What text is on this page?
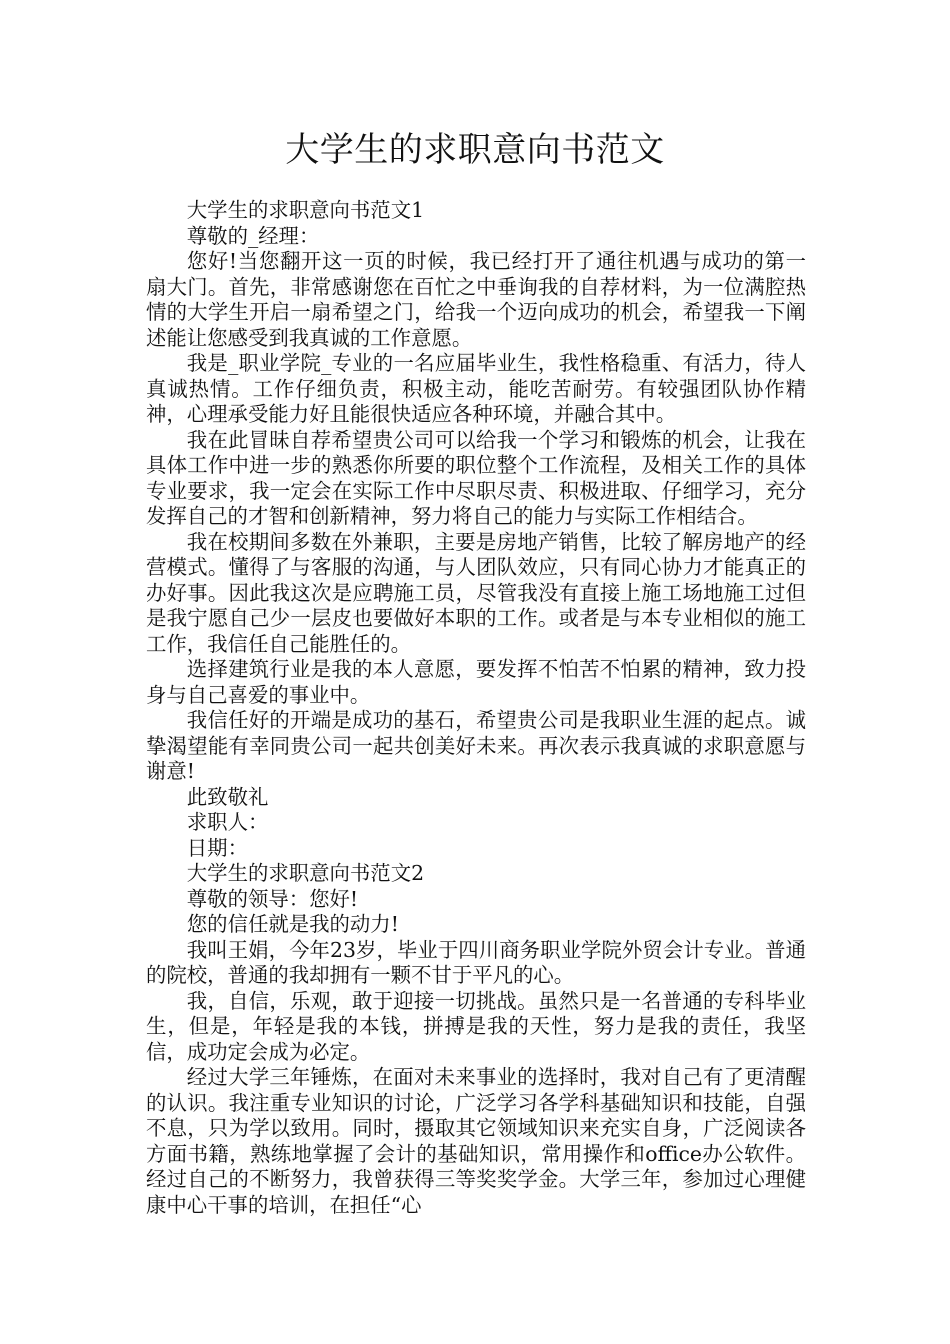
大学生的求职意向书范文

大学生的求职意向书范文1

尊敬的_经理：

您好!当您翻开这一页的时候，我已经打开了通往机遇与成功的第一扇大门。首先，非常感谢您在百忙之中垂询我的自荐材料，为一位满腔热情的大学生开启一扇希望之门，给我一个迈向成功的机会，希望我一下阐述能让您感受到我真诚的工作意愿。

我是_职业学院_专业的一名应届毕业生，我性格稳重、有活力，待人真诚热情。工作仔细负责，积极主动，能吃苦耐劳。有较强团队协作精神，心理承受能力好且能很快适应各种环境，并融合其中。

我在此冒昧自荐希望贵公司可以给我一个学习和锻炼的机会，让我在具体工作中进一步的熟悉你所要的职位整个工作流程，及相关工作的具体专业要求，我一定会在实际工作中尽职尽责、积极进取、仔细学习，充分发挥自己的才智和创新精神，努力将自己的能力与实际工作相结合。

我在校期间多数在外兼职，主要是房地产销售，比较了解房地产的经营模式。懂得了与客服的沟通，与人团队效应，只有同心协力才能真正的办好事。因此我这次是应聘施工员，尽管我没有直接上施工场地施工过但是我宁愿自己少一层皮也要做好本职的工作。或者是与本专业相似的施工工作，我信任自己能胜任的。

选择建筑行业是我的本人意愿，要发挥不怕苦不怕累的精神，致力投身与自己喜爱的事业中。

我信任好的开端是成功的基石，希望贵公司是我职业生涯的起点。诚挚渴望能有幸同贵公司一起共创美好未来。再次表示我真诚的求职意愿与谢意!

此致敬礼

求职人：

日期：

大学生的求职意向书范文2

尊敬的领导：您好!

您的信任就是我的动力!

我叫王娟，今年23岁，毕业于四川商务职业学院外贸会计专业。普通的院校，普通的我却拥有一颗不甘于平凡的心。

我，自信，乐观，敢于迎接一切挑战。虽然只是一名普通的专科毕业生，但是，年轻是我的本钱，拼搏是我的天性，努力是我的责任，我坚信，成功定会成为必定。

经过大学三年锤炼，在面对未来事业的选择时，我对自己有了更清醒的认识。我注重专业知识的讨论，广泛学习各学科基础知识和技能，自强不息，只为学以致用。同时，摄取其它领域知识来充实自身，广泛阅读各方面书籍，熟练地掌握了会计的基础知识，常用操作和office办公软件。经过自己的不断努力，我曾获得三等奖奖学金。大学三年，参加过心理健康中心干事的培训，在担任“心
